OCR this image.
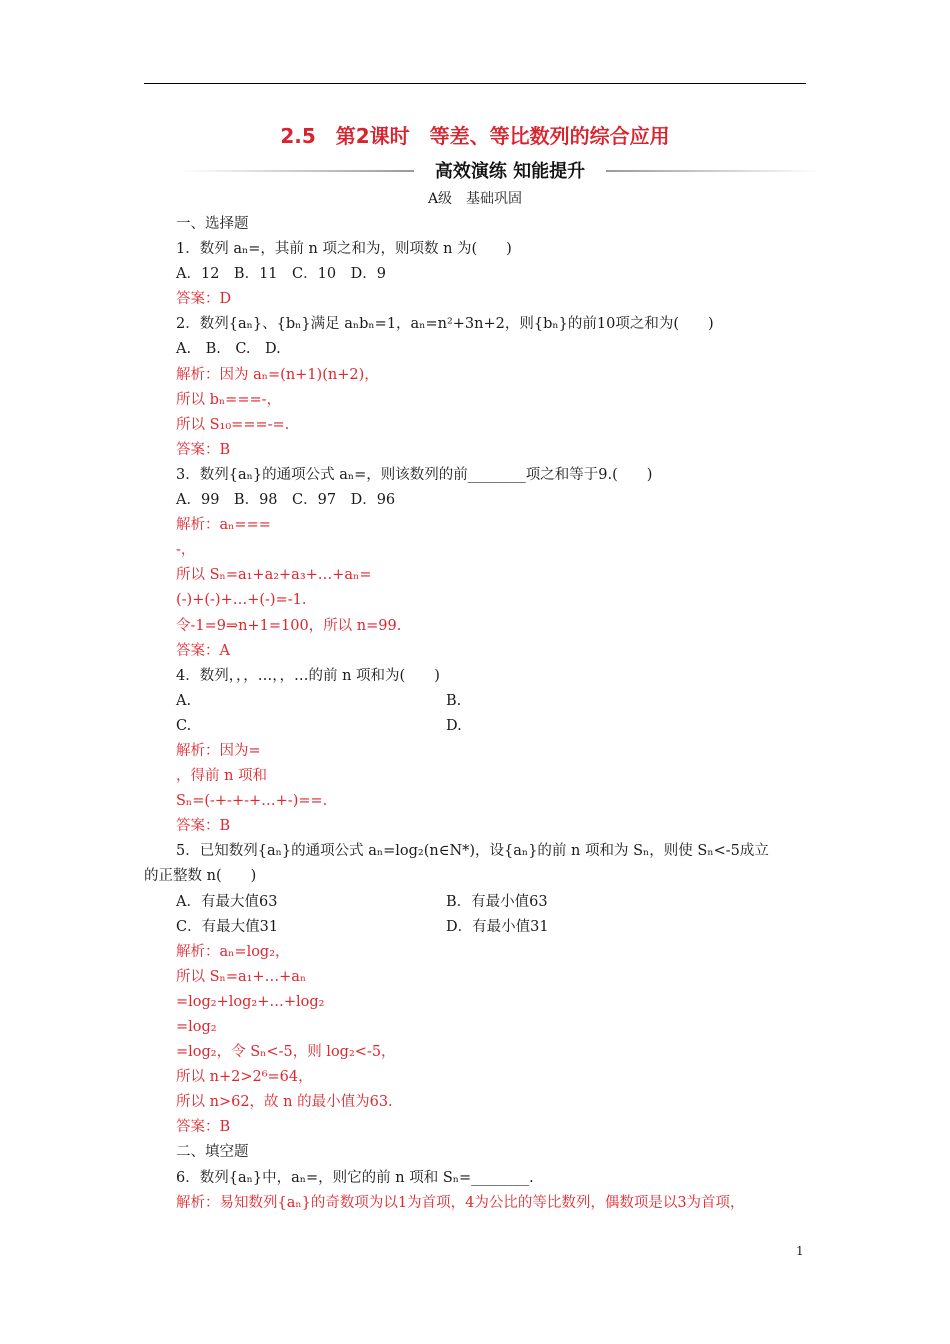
2.5　第2课时　等差、等比数列的综合应用
高效演练 知能提升
A级　基础巩固
一、选择题
1．数列 aₙ=，其前 n 项之和为，则项数 n 为(　　)
A．12　B．11　C．10　D．9
答案：D
2．数列{aₙ}、{bₙ}满足 aₙbₙ=1，aₙ=n²+3n+2，则{bₙ}的前10项之和为(　　)
A.　B.　C.　D.
解析：因为 aₙ=(n+1)(n+2)，
所以 bₙ===-，
所以 S₁₀===-=.
答案：B
3．数列{aₙ}的通项公式 aₙ=，则该数列的前________项之和等于9.(　　)
A．99　B．98　C．97　D．96
解析：aₙ===
-，
所以 Sₙ=a₁+a₂+a₃+…+aₙ=
(-)+(-)+…+(-)=-1.
令-1=9⇒n+1=100，所以 n=99.
答案：A
4．数列，，，…，，…的前 n 项和为(　　)
A.	B.
C.	D.
解析：因为=
，得前 n 项和
Sₙ=(-+-+-+…+-)==.
答案：B
5．已知数列{aₙ}的通项公式 aₙ=log₂(n∈N*)，设{aₙ}的前 n 项和为 Sₙ，则使 Sₙ<-5成立
的正整数 n(　　)
A．有最大值63	B．有最小值63
C．有最大值31	D．有最小值31
解析：aₙ=log₂，
所以 Sₙ=a₁+…+aₙ
=log₂+log₂+…+log₂
=log₂
=log₂，令 Sₙ<-5，则 log₂<-5，
所以 n+2>2⁶=64，
所以 n>62，故 n 的最小值为63.
答案：B
二、填空题
6．数列{aₙ}中，aₙ=，则它的前 n 项和 Sₙ=________.
解析：易知数列{aₙ}的奇数项为以1为首项，4为公比的等比数列，偶数项是以3为首项，
1
